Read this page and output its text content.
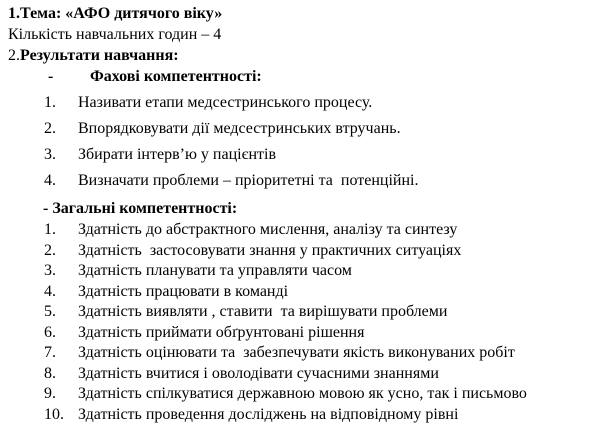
1.Тема: «АФО дитячого віку»

Кількість навчальних годин – 4

2.Результати навчання:

-	Фахові компетентності:
1.	Називати етапи медсестринського процесу.
2.	Впорядковувати дії медсестринських втручань.
3.	Збирати інтерв’ю у пацієнтів
4.	Визначати проблеми – пріоритетні та  потенційні.

- Загальні компетентності:

1.	Здатність до абстрактного мислення, аналізу та синтезу
2.	Здатність  застосовувати знання у практичних ситуаціях
3.	Здатність планувати та управляти часом
4.	Здатність працювати в команді
5.	Здатність виявляти , ставити  та вирішувати проблеми
6.	Здатність приймати обґрунтовані рішення
7.	Здатність оцінювати та  забезпечувати якість виконуваних робіт
8.	Здатність вчитися і оволодівати сучасними знаннями
9.	Здатність спілкуватися державною мовою як усно, так і письмово
10. Здатність проведення досліджень на відповідному рівні
